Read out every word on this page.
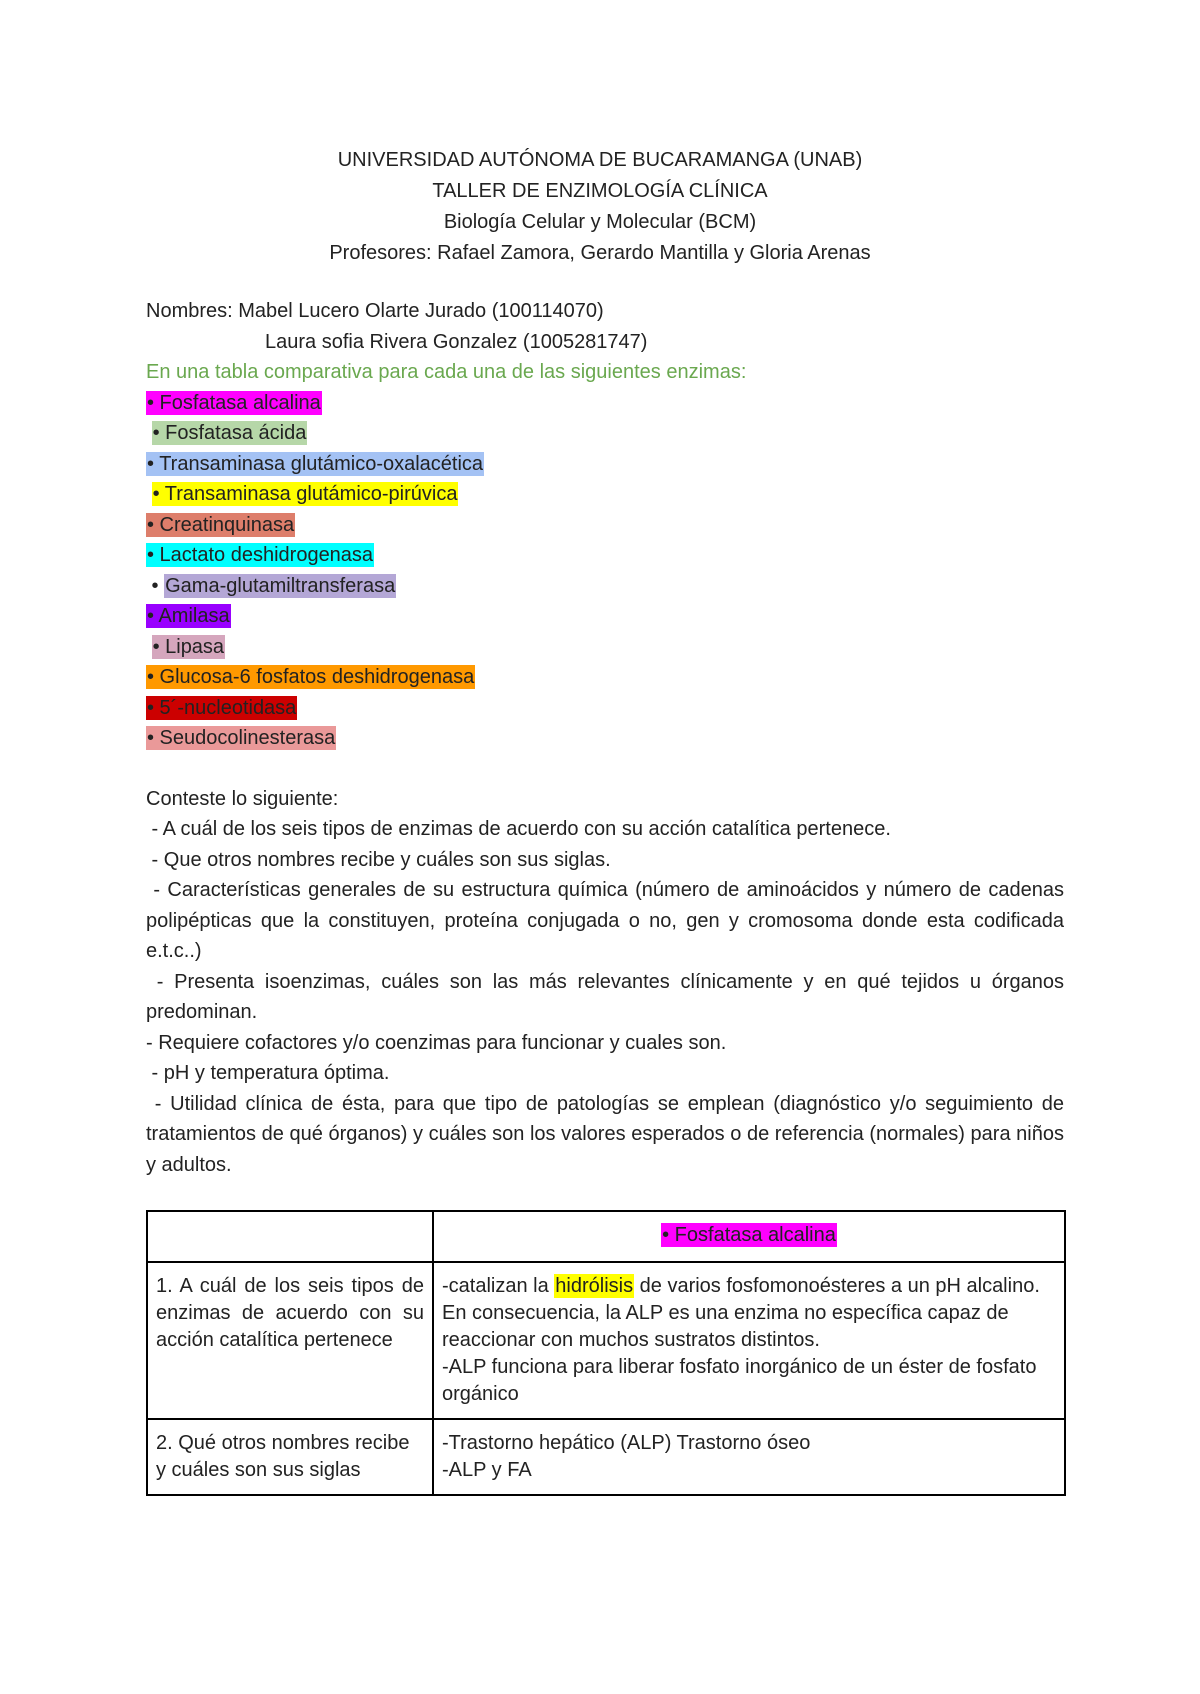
UNIVERSIDAD AUTÓNOMA DE BUCARAMANGA (UNAB)
TALLER DE ENZIMOLOGÍA CLÍNICA
Biología Celular y Molecular (BCM)
Profesores: Rafael Zamora, Gerardo Mantilla y Gloria Arenas
Nombres: Mabel Lucero Olarte Jurado (100114070)
Laura sofia Rivera Gonzalez (1005281747)
En una tabla comparativa para cada una de las siguientes enzimas:
• Fosfatasa alcalina
• Fosfatasa ácida
• Transaminasa glutámico-oxalacética
• Transaminasa glutámico-pirúvica
• Creatinquinasa
• Lactato deshidrogenasa
• Gama-glutamiltransferasa
• Amilasa
• Lipasa
• Glucosa-6 fosfatos deshidrogenasa
• 5´-nucleotidasa
• Seudocolinesterasa
Conteste lo siguiente:
- A cuál de los seis tipos de enzimas de acuerdo con su acción catalítica pertenece.
- Que otros nombres recibe y cuáles son sus siglas.
- Características generales de su estructura química (número de aminoácidos y número de cadenas polipépticas que la constituyen, proteína conjugada o no, gen y cromosoma donde esta codificada e.t.c..)
- Presenta isoenzimas, cuáles son las más relevantes clínicamente y en qué tejidos u órganos predominan.
- Requiere cofactores y/o coenzimas para funcionar y cuales son.
- pH y temperatura óptima.
- Utilidad clínica de ésta, para que tipo de patologías se emplean (diagnóstico y/o seguimiento de tratamientos de qué órganos) y cuáles son los valores esperados o de referencia (normales) para niños y adultos.
	• Fosfatasa alcalina
1. A cuál de los seis tipos de enzimas de acuerdo con su acción catalítica pertenece	-catalizan la hidrólisis de varios fosfomonoésteres a un pH alcalino. En consecuencia, la ALP es una enzima no específica capaz de reaccionar con muchos sustratos distintos.
-ALP funciona para liberar fosfato inorgánico de un éster de fosfato orgánico

2. Qué otros nombres recibe y cuáles son sus siglas	-Trastorno hepático (ALP) Trastorno óseo
-ALP y FA
